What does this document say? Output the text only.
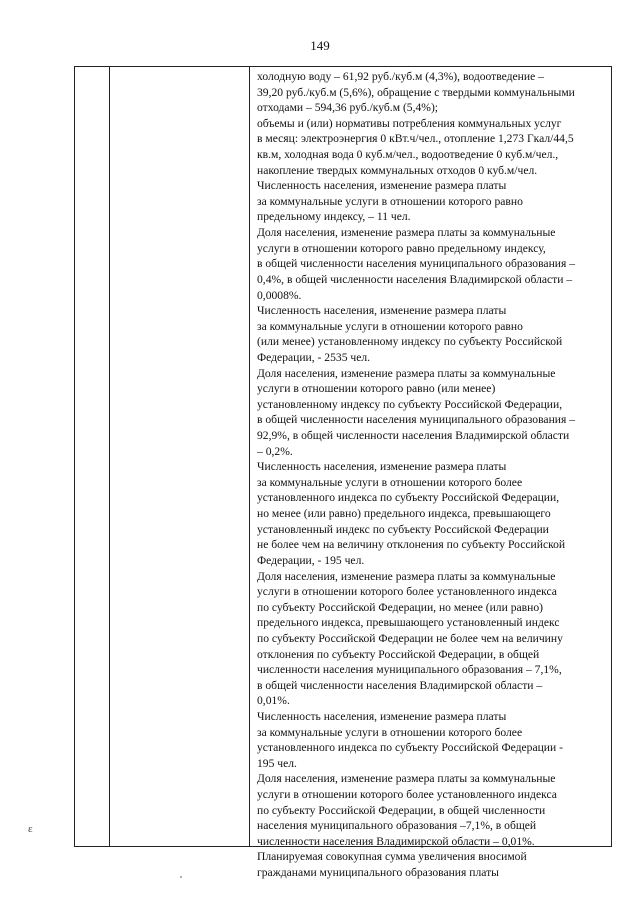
149
холодную воду – 61,92 руб./куб.м (4,3%), водоотведение –
39,20 руб./куб.м (5,6%), обращение с твердыми коммунальными
отходами – 594,36 руб./куб.м (5,4%);
объемы и (или) нормативы потребления коммунальных услуг
в месяц: электроэнергия 0 кВт.ч/чел., отопление 1,273 Гкал/44,5
кв.м, холодная вода 0 куб.м/чел., водоотведение 0 куб.м/чел.,
накопление твердых коммунальных отходов 0 куб.м/чел.
Численность населения, изменение размера платы
за коммунальные услуги в отношении которого равно
предельному индексу, – 11 чел.
Доля населения, изменение размера платы за коммунальные
услуги в отношении которого равно предельному индексу,
в общей численности населения муниципального образования –
0,4%, в общей численности населения Владимирской области –
0,0008%.
Численность населения, изменение размера платы
за коммунальные услуги в отношении которого равно
(или менее) установленному индексу по субъекту Российской
Федерации, - 2535 чел.
Доля населения, изменение размера платы за коммунальные
услуги в отношении которого равно (или менее)
установленному индексу по субъекту Российской Федерации,
в общей численности населения муниципального образования –
92,9%, в общей численности населения Владимирской области
– 0,2%.
Численность населения, изменение размера платы
за коммунальные услуги в отношении которого более
установленного индекса по субъекту Российской Федерации,
но менее (или равно) предельного индекса, превышающего
установленный индекс по субъекту Российской Федерации
не более чем на величину отклонения по субъекту Российской
Федерации, - 195 чел.
Доля населения, изменение размера платы за коммунальные
услуги в отношении которого более установленного индекса
по субъекту Российской Федерации, но менее (или равно)
предельного индекса, превышающего установленный индекс
по субъекту Российской Федерации не более чем на величину
отклонения по субъекту Российской Федерации, в общей
численности населения муниципального образования – 7,1%,
в общей численности населения Владимирской области –
0,01%.
Численность населения, изменение размера платы
за коммунальные услуги в отношении которого более
установленного индекса по субъекту Российской Федерации -
195 чел.
Доля населения, изменение размера платы за коммунальные
услуги в отношении которого более установленного индекса
по субъекту Российской Федерации, в общей численности
населения муниципального образования –7,1%, в общей
численности населения Владимирской области – 0,01%.
Планируемая совокупная сумма увеличения вносимой
гражданами муниципального образования платы
ε
